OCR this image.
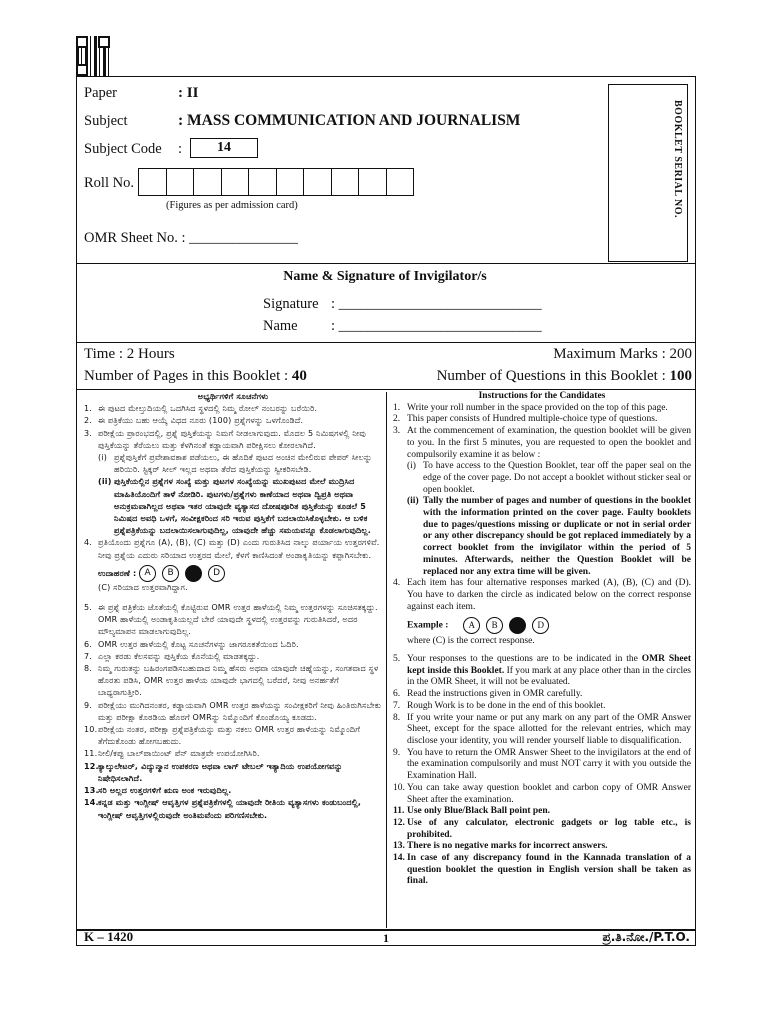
Paper	: II
Subject	: MASS COMMUNICATION AND JOURNALISM
Subject Code :	14
Roll No.
(Figures as per admission card)
OMR Sheet No. : _______________
BOOKLET SERIAL NO.
Name & Signature of Invigilator/s
Signature : ____________________________
Name : ____________________________
Time : 2 Hours	Maximum Marks : 200
Number of Pages in this Booklet : 40	Number of Questions in this Booklet : 100
ಅಭ್ಯರ್ಥಿಗಳಿಗೆ ಸೂಚನೆಗಳು
1. ಈ ಪುಟದ ಮೇಲ್ತುದಿಯಲ್ಲಿ ಒದಗಿಸಿದ ಸ್ಥಳದಲ್ಲಿ ನಿಮ್ಮ ರೋಲ್ ನಂಬರನ್ನು ಬರೆಯಿರಿ.
2. ಈ ಪತ್ರಿಕೆಯು ಬಹು ಆಯ್ಕೆ ವಿಧದ ನೂರು (100) ಪ್ರಶ್ನೆಗಳನ್ನು ಒಳಗೊಂಡಿದೆ.
3. ಪರೀಕ್ಷೆಯ ಪ್ರಾರಂಭದಲ್ಲಿ, ಪ್ರಶ್ನೆ ಪುಸ್ತಿಕೆಯನ್ನು ನಿಮಗೆ ನೀಡಲಾಗುವುದು. ಮೊದಲ 5 ನಿಮಿಷಗಳಲ್ಲಿ ನೀವು ಪುಸ್ತಿಕೆಯನ್ನು ತೆರೆಯಲು ಮತ್ತು ಕೆಳಗಿನಂತೆ ಕಡ್ಡಾಯವಾಗಿ ಪರೀಕ್ಷಿಸಲು ಕೋರಲಾಗಿದೆ.
(i) ಪ್ರಶ್ನೆಪುಸ್ತಿಕೆಗೆ ಪ್ರವೇಶಾವಕಾಶ ಪಡೆಯಲು, ಈ ಹೊದಿಕೆ ಪುಟದ ಅಂಚಿನ ಮೇಲಿರುವ ಪೇಪರ್ ಸೀಲನ್ನು ಹರಿಯಿರಿ. ಸ್ಟಿಕ್ಕರ್ ಸೀಲ್ ಇಲ್ಲದ ಅಥವಾ ತೆರೆದ ಪುಸ್ತಿಕೆಯನ್ನು ಸ್ವೀಕರಿಸಬೇಡಿ.
(ii) ಪುಸ್ತಿಕೆಯಲ್ಲಿನ ಪ್ರಶ್ನೆಗಳ ಸಂಖ್ಯೆ ಮತ್ತು ಪುಟಗಳ ಸಂಖ್ಯೆಯನ್ನು ಮುಖಪುಟದ ಮೇಲೆ ಮುದ್ರಿಸಿದ ಮಾಹಿತಿಯೊಂದಿಗೆ ತಾಳೆ ನೋಡಿರಿ. ಪುಟಗಳು/ಪ್ರಶ್ನೆಗಳು ಕಾಣೆಯಾದ ಅಥವಾ ದ್ವಿಪ್ರತಿ ಅಥವಾ ಅನುಕ್ರಮವಾಗಿಲ್ಲದ ಅಥವಾ ಇತರ ಯಾವುದೇ ವ್ಯತ್ಯಾಸದ ದೋಷಪೂರಿತ ಪುಸ್ತಿಕೆಯನ್ನು ಕೂಡಲೆ 5 ನಿಮಿಷದ ಅವಧಿ ಒಳಗೆ, ಸಂವೀಕ್ಷಕರಿಂದ ಸರಿ ಇರುವ ಪುಸ್ತಿಕೆಗೆ ಬದಲಾಯಿಸಿಕೊಳ್ಳಬೇಕು. ಆ ಬಳಿಕ ಪ್ರಶ್ನೆಪತ್ರಿಕೆಯನ್ನು ಬದಲಾಯಿಸಲಾಗುವುದಿಲ್ಲ, ಯಾವುದೇ ಹೆಚ್ಚು ಸಮಯವನ್ನೂ ಕೊಡಲಾಗುವುದಿಲ್ಲ.
4. ಪ್ರತಿಯೊಂದು ಪ್ರಶ್ನೆಗೂ (A), (B), (C) ಮತ್ತು (D) ಎಂದು ಗುರುತಿಸಿದ ನಾಲ್ಕು ಪರ್ಯಾಯ ಉತ್ತರಗಳಿವೆ. ನೀವು ಪ್ರಶ್ನೆಯ ಎದುರು ಸರಿಯಾದ ಉತ್ತರದ ಮೇಲೆ, ಕೆಳಗೆ ಕಾಣಿಸಿದಂತೆ ಅಂಡಾಕೃತಿಯನ್ನು ಕಪ್ಪಾಗಿಸಬೇಕು.
ಉದಾಹರಣೆ : A B	D
(C) ಸರಿಯಾದ ಉತ್ತರವಾಗಿದ್ದಾಗ.
5. ಈ ಪ್ರಶ್ನೆ ಪತ್ರಿಕೆಯ ಜೊತೆಯಲ್ಲಿ ಕೊಟ್ಟಿರುವ OMR ಉತ್ತರ ಹಾಳೆಯಲ್ಲಿ ನಿಮ್ಮ ಉತ್ತರಗಳನ್ನು ಸೂಚಿಸತಕ್ಕದ್ದು. OMR ಹಾಳೆಯಲ್ಲಿ ಅಂಡಾಕೃತಿಯಲ್ಲದೆ ಬೇರೆ ಯಾವುದೇ ಸ್ಥಳದಲ್ಲಿ ಉತ್ತರವನ್ನು ಗುರುತಿಸಿದರೆ, ಅದರ ಮೌಲ್ಯಮಾಪನ ಮಾಡಲಾಗುವುದಿಲ್ಲ.
6. OMR ಉತ್ತರ ಹಾಳೆಯಲ್ಲಿ ಕೊಟ್ಟ ಸೂಚನೆಗಳನ್ನು ಜಾಗರೂಕತೆಯಿಂದ ಓದಿರಿ.
7. ಎಲ್ಲಾ ಕರಡು ಕೆಲಸವನ್ನು ಪುಸ್ತಿಕೆಯ ಕೊನೆಯಲ್ಲಿ ಮಾಡತಕ್ಕದ್ದು.
8. ನಿಮ್ಮ ಗುರುತನ್ನು ಬಹಿರಂಗಪಡಿಸಬಹುದಾದ ನಿಮ್ಮ ಹೆಸರು ಅಥವಾ ಯಾವುದೇ ಚಿಹ್ನೆಯನ್ನು, ಸಂಗತವಾದ ಸ್ಥಳ ಹೊರತು ಪಡಿಸಿ, OMR ಉತ್ತರ ಹಾಳೆಯ ಯಾವುದೇ ಭಾಗದಲ್ಲಿ ಬರೆದರೆ, ನೀವು ಅನರ್ಹತೆಗೆ ಬಾಧ್ಯರಾಗುತ್ತೀರಿ.
9. ಪರೀಕ್ಷೆಯು ಮುಗಿದನಂತರ, ಕಡ್ಡಾಯವಾಗಿ OMR ಉತ್ತರ ಹಾಳೆಯನ್ನು ಸಂವೀಕ್ಷಕರಿಗೆ ನೀವು ಹಿಂತಿರುಗಿಸಬೇಕು ಮತ್ತು ಪರೀಕ್ಷಾ ಕೊಠಡಿಯ ಹೊರಗೆ OMRನ್ನು ನಿಮ್ಮೊಂದಿಗೆ ಕೊಂಡೊಯ್ಯ ಕೂಡದು.
10. ಪರೀಕ್ಷೆಯ ನಂತರ, ಪರೀಕ್ಷಾ ಪ್ರಶ್ನೆಪತ್ರಿಕೆಯನ್ನು ಮತ್ತು ನಕಲು OMR ಉತ್ತರ ಹಾಳೆಯನ್ನು ನಿಮ್ಮೊಂದಿಗೆ ತೆಗೆದುಕೊಂಡು ಹೋಗಬಹುದು.
11. ನೀಲಿ/ಕಪ್ಪು ಬಾಲ್‌ಪಾಯಿಂಟ್ ಪೆನ್ ಮಾತ್ರವೇ ಉಪಯೋಗಿಸಿರಿ.
12. ಕ್ಯಾಲ್ಕುಲೇಟರ್, ವಿದ್ಯುನ್ಮಾನ ಉಪಕರಣ ಅಥವಾ ಲಾಗ್ ಟೇಬಲ್ ಇತ್ಯಾದಿಯ ಉಪಯೋಗವನ್ನು ನಿಷೇಧಿಸಲಾಗಿದೆ.
13. ಸರಿ ಅಲ್ಲದ ಉತ್ತರಗಳಿಗೆ ಋಣ ಅಂಕ ಇರುವುದಿಲ್ಲ.
14. ಕನ್ನಡ ಮತ್ತು ಇಂಗ್ಲೀಷ್ ಆವೃತ್ತಿಗಳ ಪ್ರಶ್ನೆಪತ್ರಿಕೆಗಳಲ್ಲಿ ಯಾವುದೇ ರೀತಿಯ ವ್ಯತ್ಯಾಸಗಳು ಕಂಡುಬಂದಲ್ಲಿ, ಇಂಗ್ಲೀಷ್ ಆವೃತ್ತಿಗಳಲ್ಲಿರುವುದೇ ಅಂತಿಮವೆಂದು ಪರಿಗಣಿಸಬೇಕು.
Instructions for the Candidates
1. Write your roll number in the space provided on the top of this page.
2. This paper consists of Hundred multiple-choice type of questions.
3. At the commencement of examination, the question booklet will be given to you. In the first 5 minutes, you are requested to open the booklet and compulsorily examine it as below :
(i) To have access to the Question Booklet, tear off the paper seal on the edge of the cover page. Do not accept a booklet without sticker seal or open booklet.
(ii) Tally the number of pages and number of questions in the booklet with the information printed on the cover page. Faulty booklets due to pages/questions missing or duplicate or not in serial order or any other discrepancy should be got replaced immediately by a correct booklet from the invigilator within the period of 5 minutes. Afterwards, neither the Question Booklet will be replaced nor any extra time will be given.
4. Each item has four alternative responses marked (A), (B), (C) and (D). You have to darken the circle as indicated below on the correct response against each item.
Example : A B	D
where (C) is the correct response.
5. Your responses to the questions are to be indicated in the OMR Sheet kept inside this Booklet. If you mark at any place other than in the circles in the OMR Sheet, it will not be evaluated.
6. Read the instructions given in OMR carefully.
7. Rough Work is to be done in the end of this booklet.
8. If you write your name or put any mark on any part of the OMR Answer Sheet, except for the space allotted for the relevant entries, which may disclose your identity, you will render yourself liable to disqualification.
9. You have to return the OMR Answer Sheet to the invigilators at the end of the examination compulsorily and must NOT carry it with you outside the Examination Hall.
10. You can take away question booklet and carbon copy of OMR Answer Sheet after the examination.
11. Use only Blue/Black Ball point pen.
12. Use of any calculator, electronic gadgets or log table etc., is prohibited.
13. There is no negative marks for incorrect answers.
14. In case of any discrepancy found in the Kannada translation of a question booklet the question in English version shall be taken as final.
K – 1420	1	ಪ್ರ.ತಿ.ನೋ./P.T.O.
